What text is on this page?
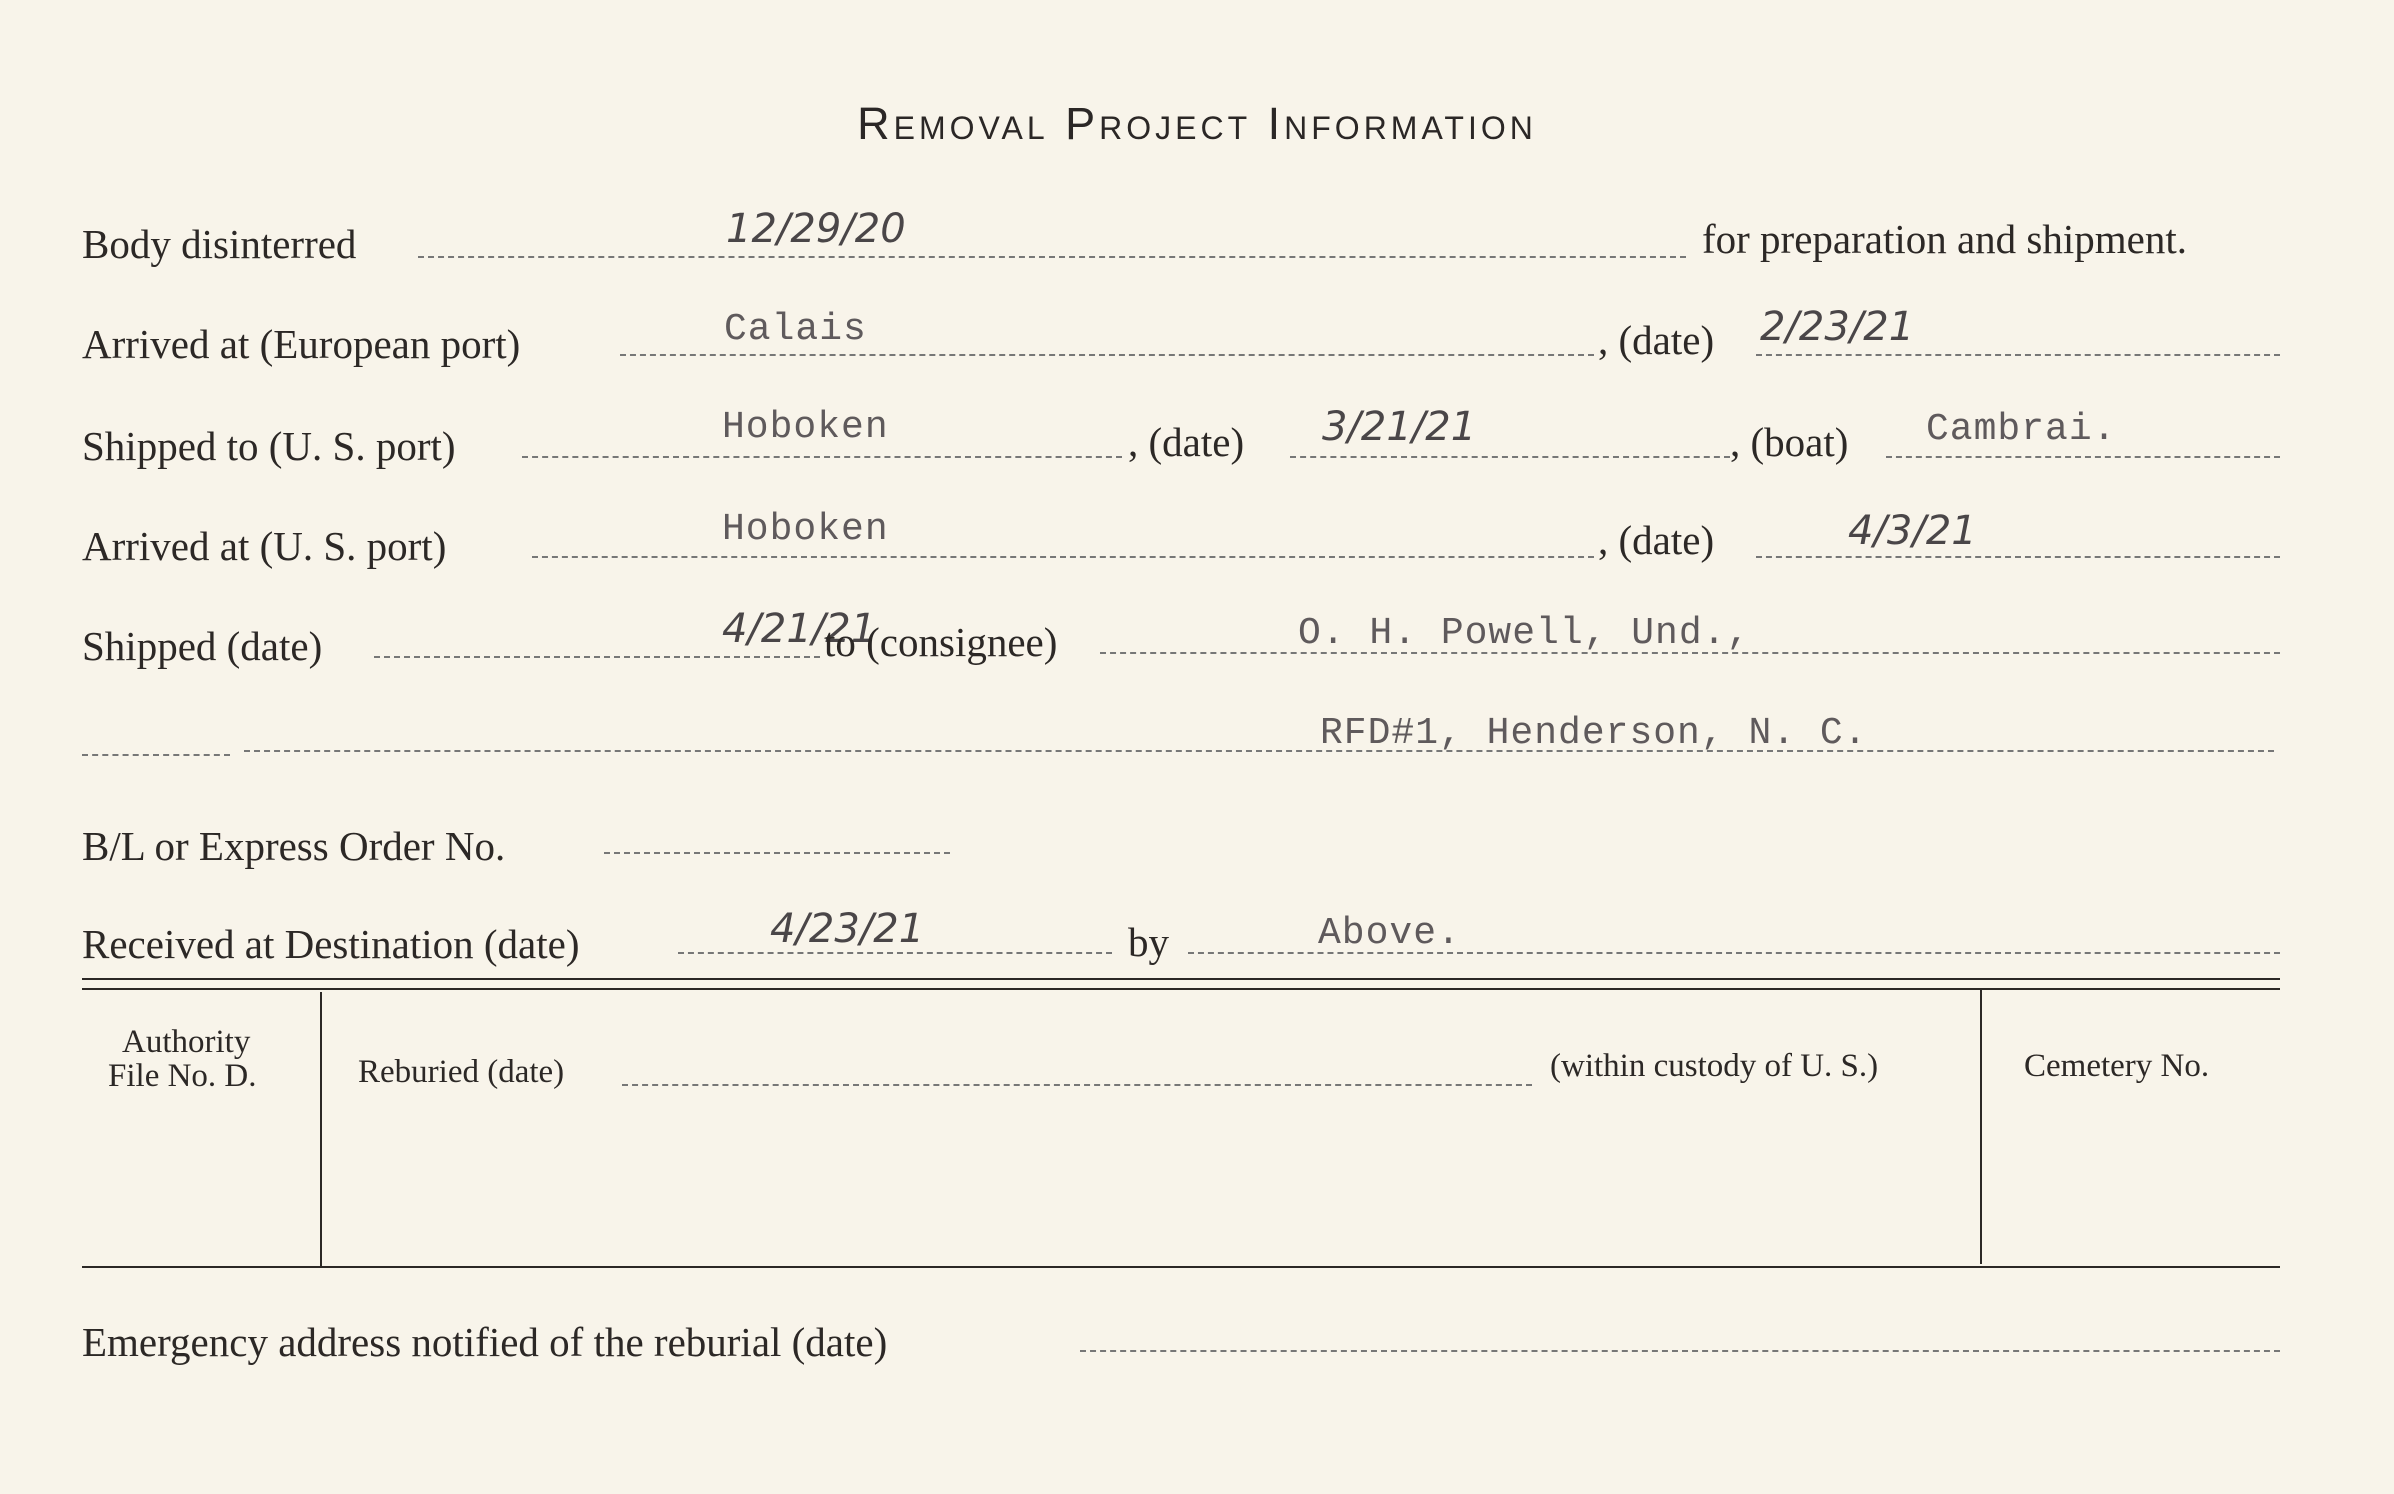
Removal Project Information
Body disinterred	12/29/20	for preparation and shipment.
Arrived at (European port)	Calais	, (date) 2/23/21
Shipped to (U. S. port)	Hoboken	, (date) 3/21/21	, (boat) Cambrai.
Arrived at (U. S. port)	Hoboken	, (date)	4/3/21
Shipped (date)	4/21/21
to (consignee)	O. H. Powell, Und.,
RFD#1, Henderson, N. C.
B/L or Express Order No.
Received at Destination (date)	4/23/21	by	Above.
Authority
File No. D.	Reburied (date)	(within custody of U. S.)	Cemetery No.
Emergency address notified of the reburial (date)
